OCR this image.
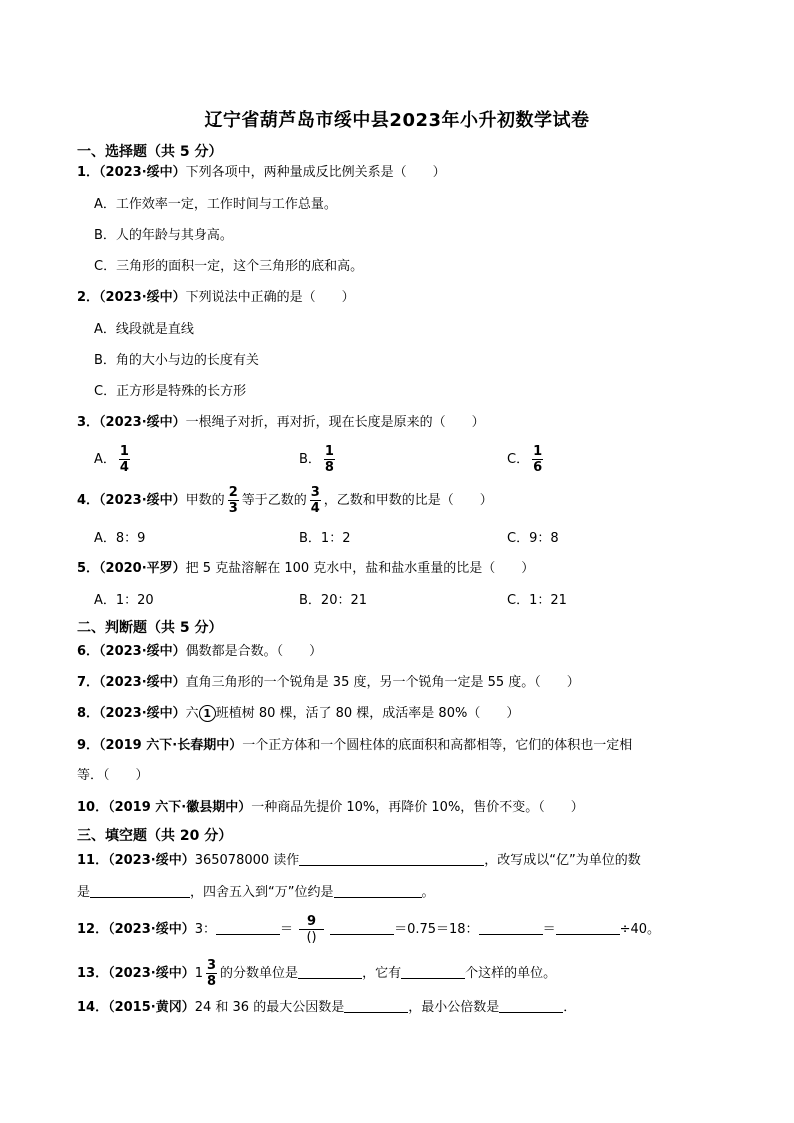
辽宁省葫芦岛市绥中县2023年小升初数学试卷
一、选择题（共 5 分）
1．（2023·绥中）下列各项中，两种量成反比例关系是（　　）
A．工作效率一定，工作时间与工作总量。
B．人的年龄与其身高。
C．三角形的面积一定，这个三角形的底和高。
2．（2023·绥中）下列说法中正确的是（　　）
A．线段就是直线
B．角的大小与边的长度有关
C．正方形是特殊的长方形
3．（2023·绥中）一根绳子对折，再对折，现在长度是原来的（　　）
A． $\frac{1}{4}$	B． $\frac{1}{8}$	C． $\frac{1}{6}$
4．（2023·绥中）甲数的 $\frac{2}{3}$ 等于乙数的 $\frac{3}{4}$ ，乙数和甲数的比是（　　）
A．8：9	B．1：2	C．9：8
5．（2020·平罗）把 5 克盐溶解在 100 克水中，盐和盐水重量的比是（　　）
A．1：20	B．20：21	C．1：21
二、判断题（共 5 分）
6．（2023·绥中）偶数都是合数。（　　）
7．（2023·绥中）直角三角形的一个锐角是 35 度，另一个锐角一定是 55 度。（　　）
8．（2023·绥中）六 1 班植树 80 棵，活了 80 棵，成活率是 80%（　　）
9．（2019 六下·长春期中）一个正方体和一个圆柱体的底面积和高都相等，它们的体积也一定相
等．（　　）
10．（2019 六下·徽县期中）一种商品先提价 10%，再降价 10%，售价不变。（　　）
三、填空题（共 20 分）
11．（2023·绥中）365078000 读作	，改写成以“亿”为单位的数
是	，四舍五入到“万”位约是	。
12．（2023·绥中）3：	＝ $\frac{9}{()}$	＝0.75＝18：	＝	÷40。
13．（2023·绥中）$1 \frac{3}{8}$ 的分数单位是	，它有	个这样的单位。
14．（2015·黄冈）24 和 36 的最大公因数是	，最小公倍数是	．
